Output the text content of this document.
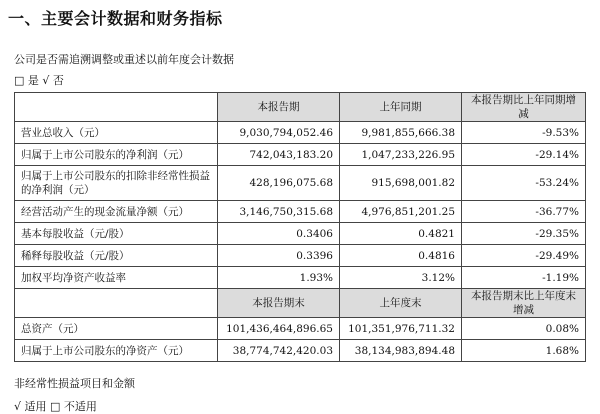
一、主要会计数据和财务指标
公司是否需追溯调整或重述以前年度会计数据
□ 是 √ 否
	本报告期	上年同期	本报告期比上年同期增减
营业总收入（元）	9,030,794,052.46	9,981,855,666.38	-9.53%
归属于上市公司股东的净利润（元）	742,043,183.20	1,047,233,226.95	-29.14%
归属于上市公司股东的扣除非经常性损益的净利润（元）	428,196,075.68	915,698,001.82	-53.24%
经营活动产生的现金流量净额（元）	3,146,750,315.68	4,976,851,201.25	-36.77%
基本每股收益（元/股）	0.3406	0.4821	-29.35%
稀释每股收益（元/股）	0.3396	0.4816	-29.49%
加权平均净资产收益率	1.93%	3.12%	-1.19%
	本报告期末	上年度末	本报告期末比上年度末增减
总资产（元）	101,436,464,896.65	101,351,976,711.32	0.08%
归属于上市公司股东的净资产（元）	38,774,742,420.03	38,134,983,894.48	1.68%
非经常性损益项目和金额
√ 适用 □ 不适用
